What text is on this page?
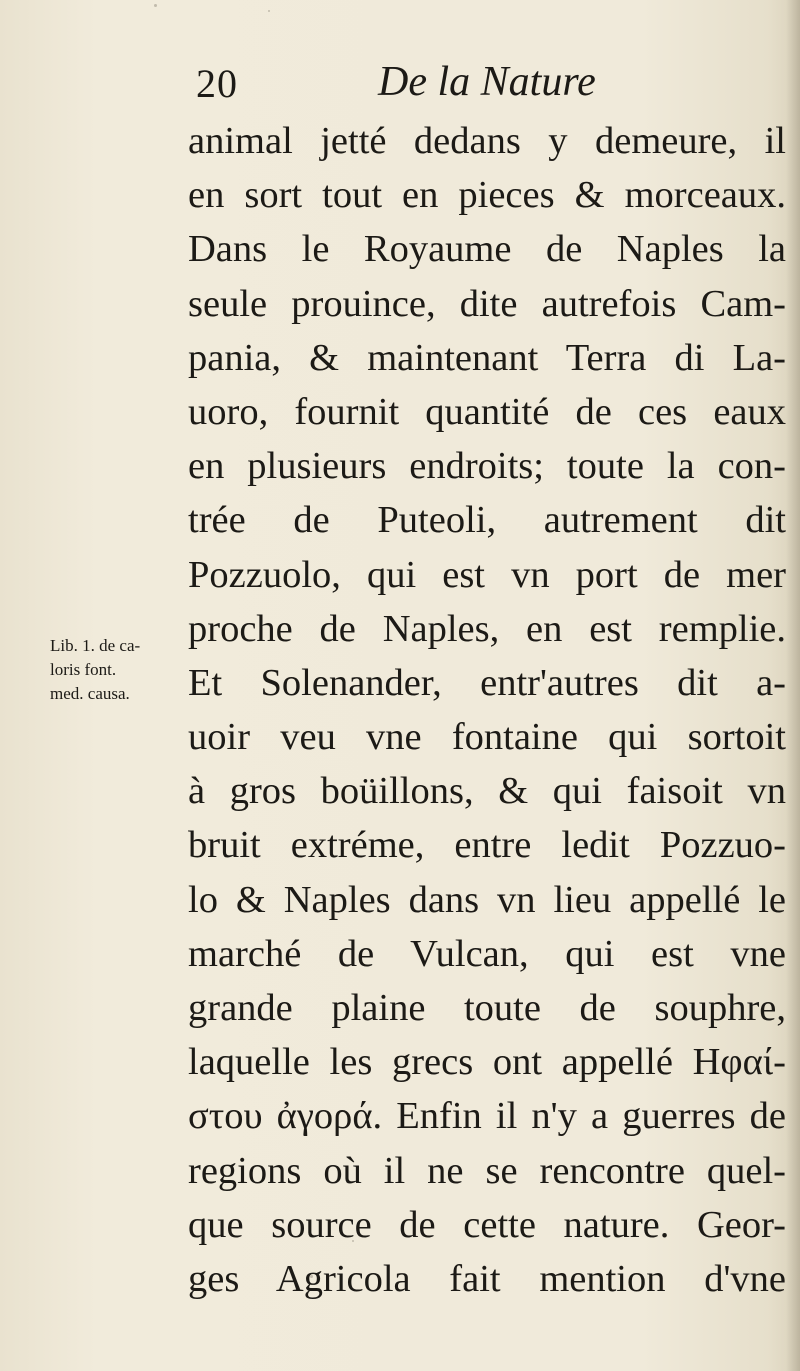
20	De la Nature
Lib. 1. de ca-
loris font.
med. causa.
animal jetté dedans y demeure, il
en sort tout en pieces & morceaux.
Dans le Royaume de Naples la
seule prouince, dite autrefois Cam-
pania, & maintenant Terra di La-
uoro, fournit quantité de ces eaux
en plusieurs endroits; toute la con-
trée de Puteoli, autrement dit
Pozzuolo, qui est vn port de mer
proche de Naples, en est remplie.
Et Solenander, entr'autres dit a-
uoir veu vne fontaine qui sortoit
à gros boüillons, & qui faisoit vn
bruit extréme, entre ledit Pozzuo-
lo & Naples dans vn lieu appellé le
marché de Vulcan, qui est vne
grande plaine toute de souphre,
laquelle les grecs ont appellé Ηφαί-
στου ἀγορά. Enfin il n'y a guerres de
regions où il ne se rencontre quel-
que source de cette nature. Geor-
ges Agricola fait mention d'vne
